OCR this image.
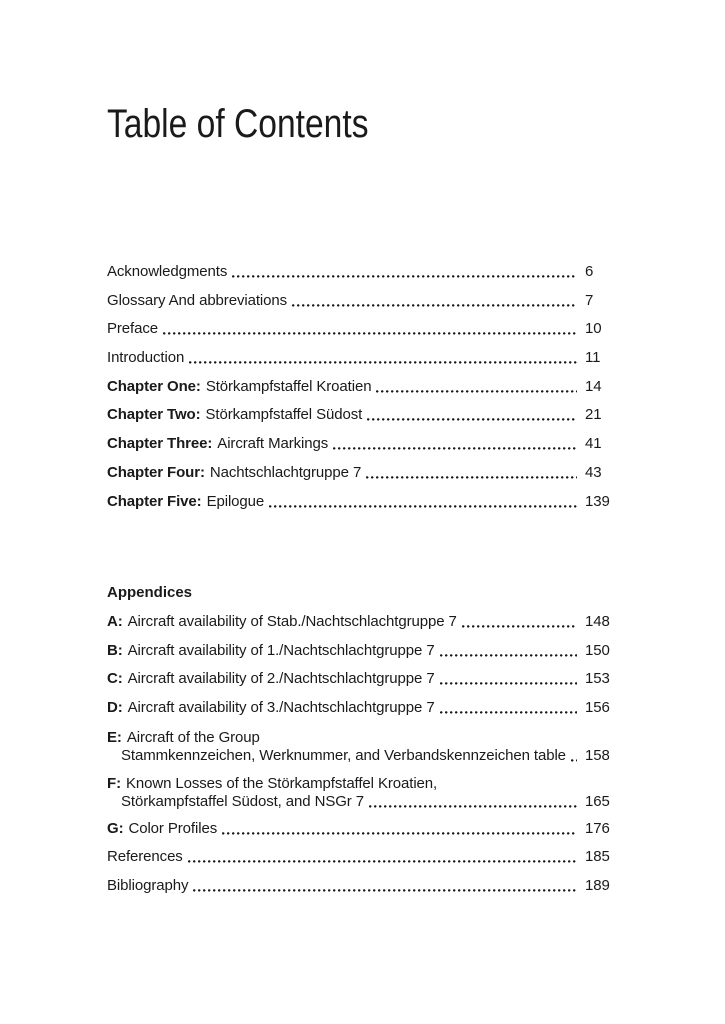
Table of Contents
Acknowledgments	6
Glossary And abbreviations	7
Preface	10
Introduction	11
Chapter One: Störkampfstaffel Kroatien	14
Chapter Two: Störkampfstaffel Südost	21
Chapter Three: Aircraft Markings	41
Chapter Four: Nachtschlachtgruppe 7	43
Chapter Five: Epilogue	139
Appendices
A: Aircraft availability of Stab./Nachtschlachtgruppe 7	148
B: Aircraft availability of 1./Nachtschlachtgruppe 7	150
C: Aircraft availability of 2./Nachtschlachtgruppe 7	153
D: Aircraft availability of 3./Nachtschlachtgruppe 7	156
E: Aircraft of the Group
Stammkennzeichen, Werknummer, and Verbandskennzeichen table 158
F: Known Losses of the Störkampfstaffel Kroatien,
Störkampfstaffel Südost, and NSGr 7	165
G: Color Profiles	176
References	185
Bibliography	189
